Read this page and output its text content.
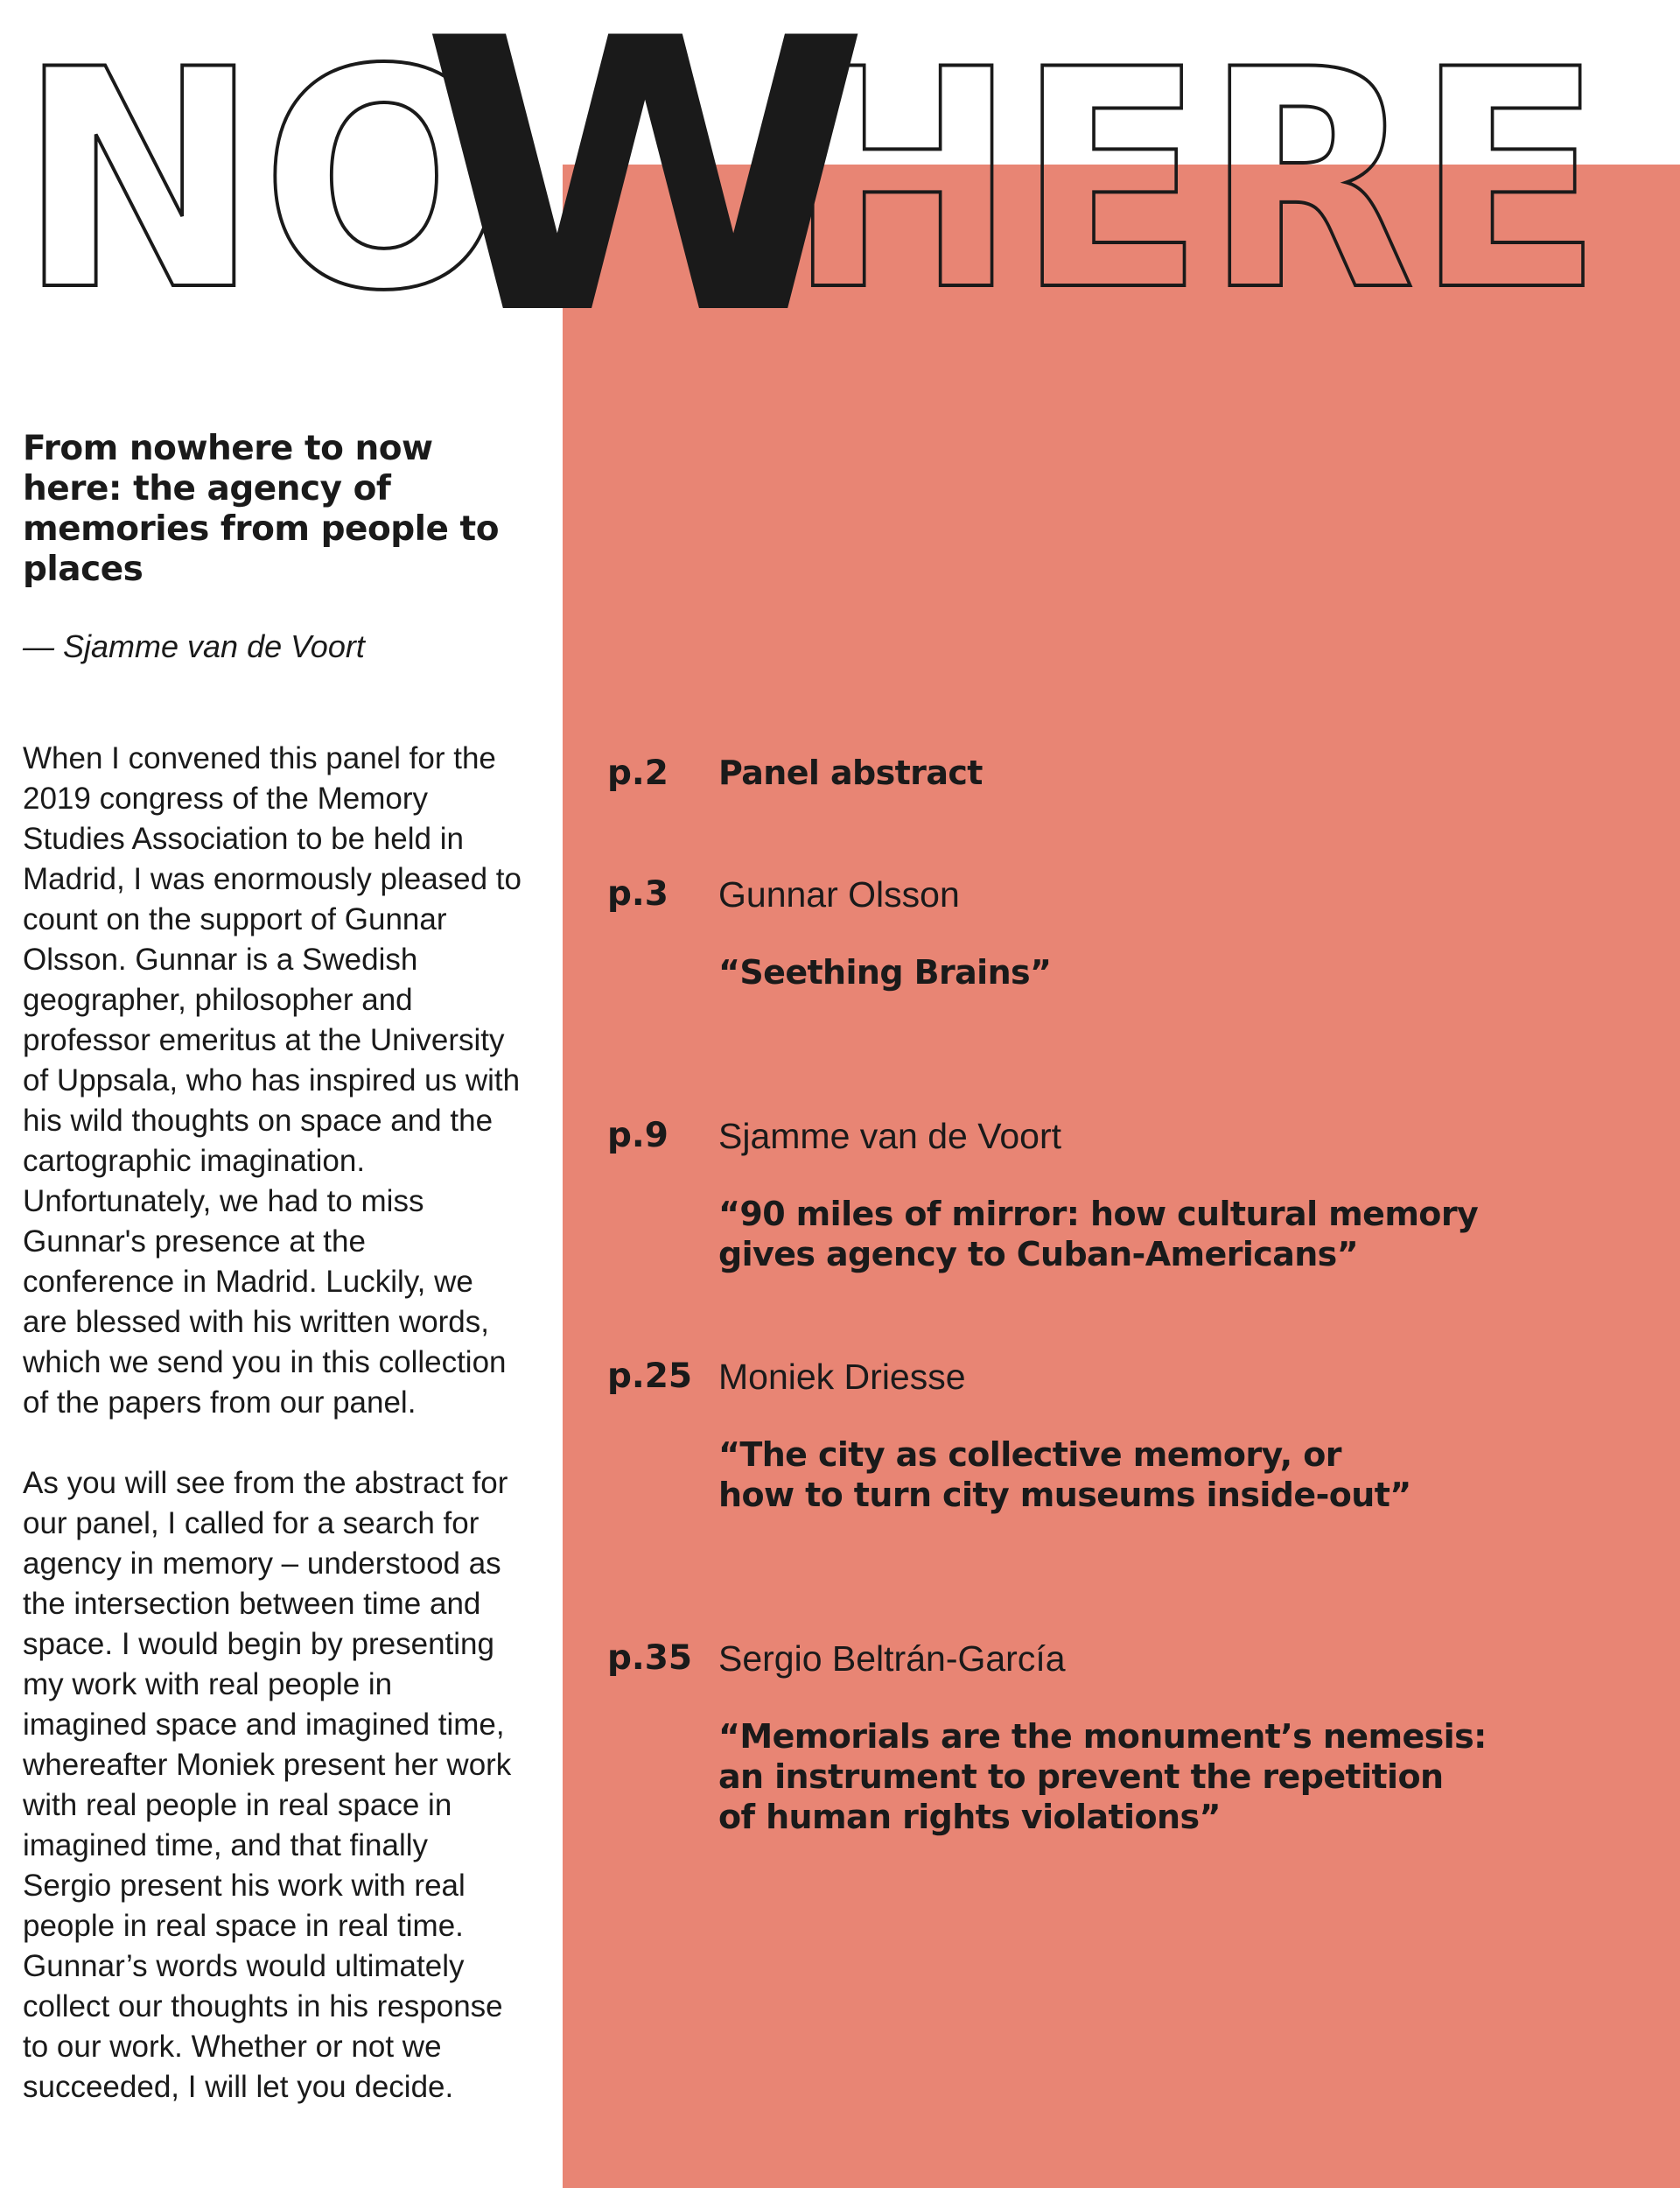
NO HERE
W
From nowhere to now here: the agency of memories from people to places
— Sjamme van de Voort

When I convened this panel for the 2019 congress of the Memory Studies Association to be held in Madrid, I was enormously pleased to count on the support of Gunnar Olsson. Gunnar is a Swedish geographer, philosopher and professor emeritus at the University of Uppsala, who has inspired us with his wild thoughts on space and the cartographic imagination. Unfortunately, we had to miss Gunnar's presence at the conference in Madrid. Luckily, we are blessed with his written words, which we send you in this collection of the papers from our panel.

As you will see from the abstract for our panel, I called for a search for agency in memory – understood as the intersection between time and space. I would begin by presenting my work with real people in imagined space and imagined time, whereafter Moniek present her work with real people in real space in imagined time, and that finally Sergio present his work with real people in real space in real time. Gunnar’s words would ultimately collect our thoughts in his response to our work. Whether or not we succeeded, I will let you decide.

p.2 Panel abstract
p.3 Gunnar Olsson
“Seething Brains”
p.9 Sjamme van de Voort
“90 miles of mirror: how cultural memory
gives agency to Cuban-Americans”
p.25 Moniek Driesse
“The city as collective memory, or
how to turn city museums inside-out”
p.35 Sergio Beltrán-García
“Memorials are the monument’s nemesis:
an instrument to prevent the repetition
of human rights violations”
